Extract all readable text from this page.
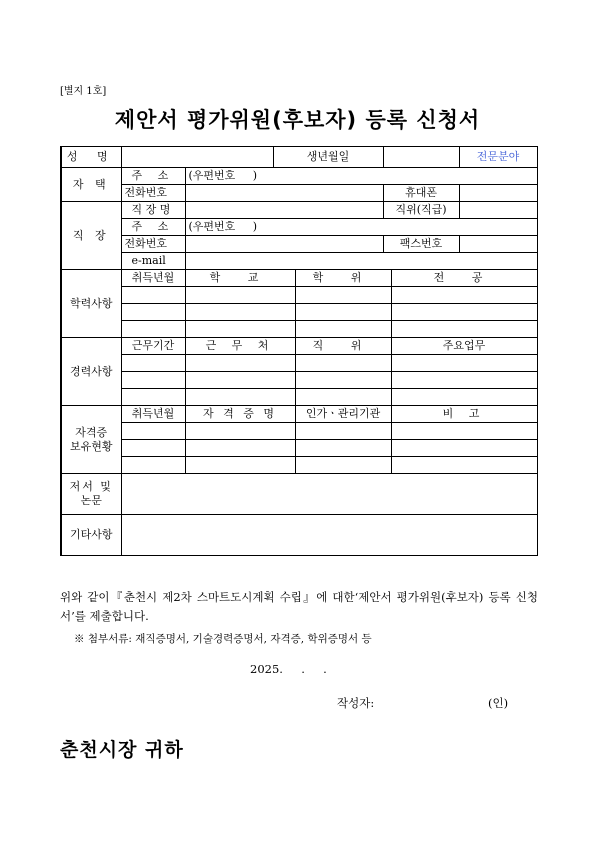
[별지 1호]
제안서 평가위원(후보자) 등록 신청서
성 명			생년월일				전문분야
자 택	주 소	(우편번호     )					
	전화번호				휴대폰		
직 장	직 장 명				직위(직급)		
	주 소	(우편번호     )					
	전화번호				팩스번호		
	e-mail						
학력사항	취득년월	학 교		학 위		전 공	

경력사항	근무기간	근 무 처		직 위		주요업무	

자격증
보유현황	취득년월	자 격 증 명		인가ㆍ관리기관		비 고	

저서 및
논문							

기타사항							
위와 같이『춘천시 제2차 스마트도시계획 수립』에 대한‘제안서 평가위원(후보자) 등록 신청서’를 제출합니다.
※ 첨부서류: 재직증명서, 기술경력증명서, 자격증, 학위증명서 등
2025.     .     .
작성자:	(인)
춘천시장 귀하
